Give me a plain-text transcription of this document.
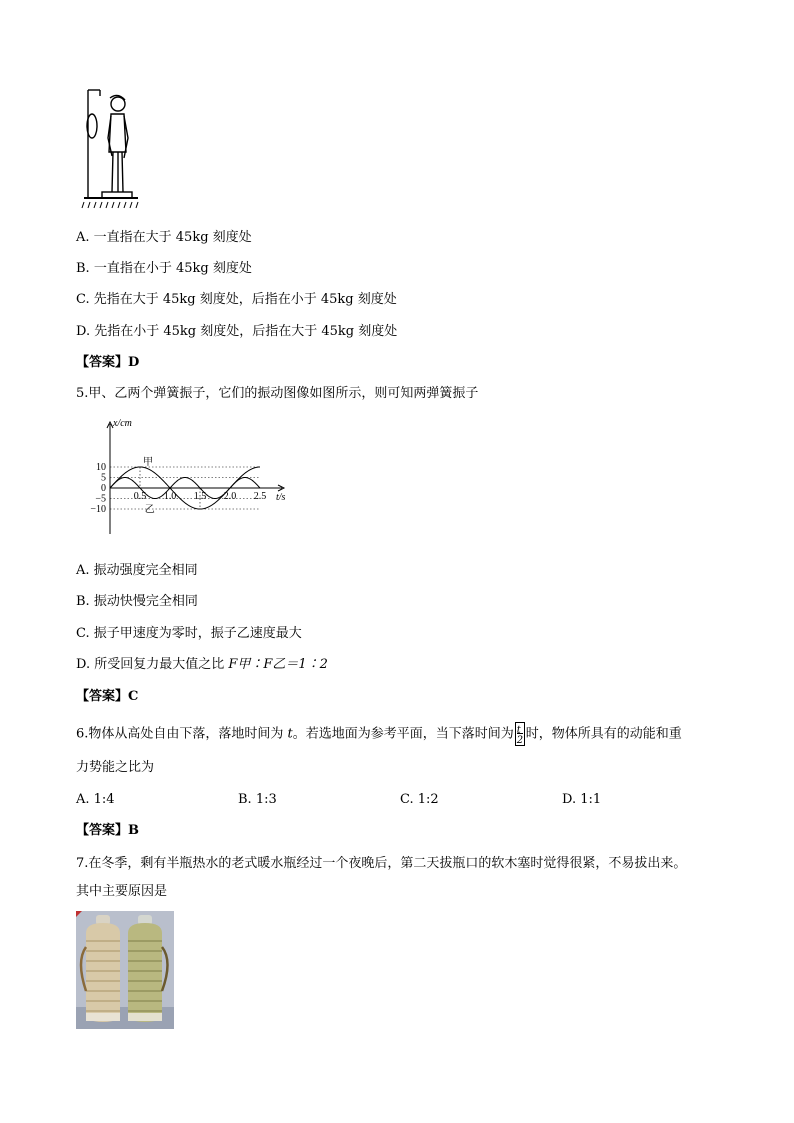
A. 一直指在大于 45kg 刻度处
B. 一直指在小于 45kg 刻度处
C. 先指在大于 45kg 刻度处，后指在小于 45kg 刻度处
D. 先指在小于 45kg 刻度处，后指在大于 45kg 刻度处
【答案】D
5.甲、乙两个弹簧振子，它们的振动图像如图所示，则可知两弹簧振子
10
5
0
−5
−10
0.5 1.0 1.5 2.0 2.5 t/s
x/cm
甲
乙
A. 振动强度完全相同
B. 振动快慢完全相同
C. 振子甲速度为零时，振子乙速度最大
D. 所受回复力最大值之比 F甲∶F乙＝1∶2
【答案】C
6.物体从高处自由下落，落地时间为 t。若选地面为参考平面，当下落时间为 t
2 时，物体所具有的动能和重
力势能之比为
A. 1:4	B. 1:3	C. 1:2	D. 1:1
【答案】B
7.在冬季，剩有半瓶热水的老式暖水瓶经过一个夜晚后，第二天拔瓶口的软木塞时觉得很紧，不易拔出来。
其中主要原因是
